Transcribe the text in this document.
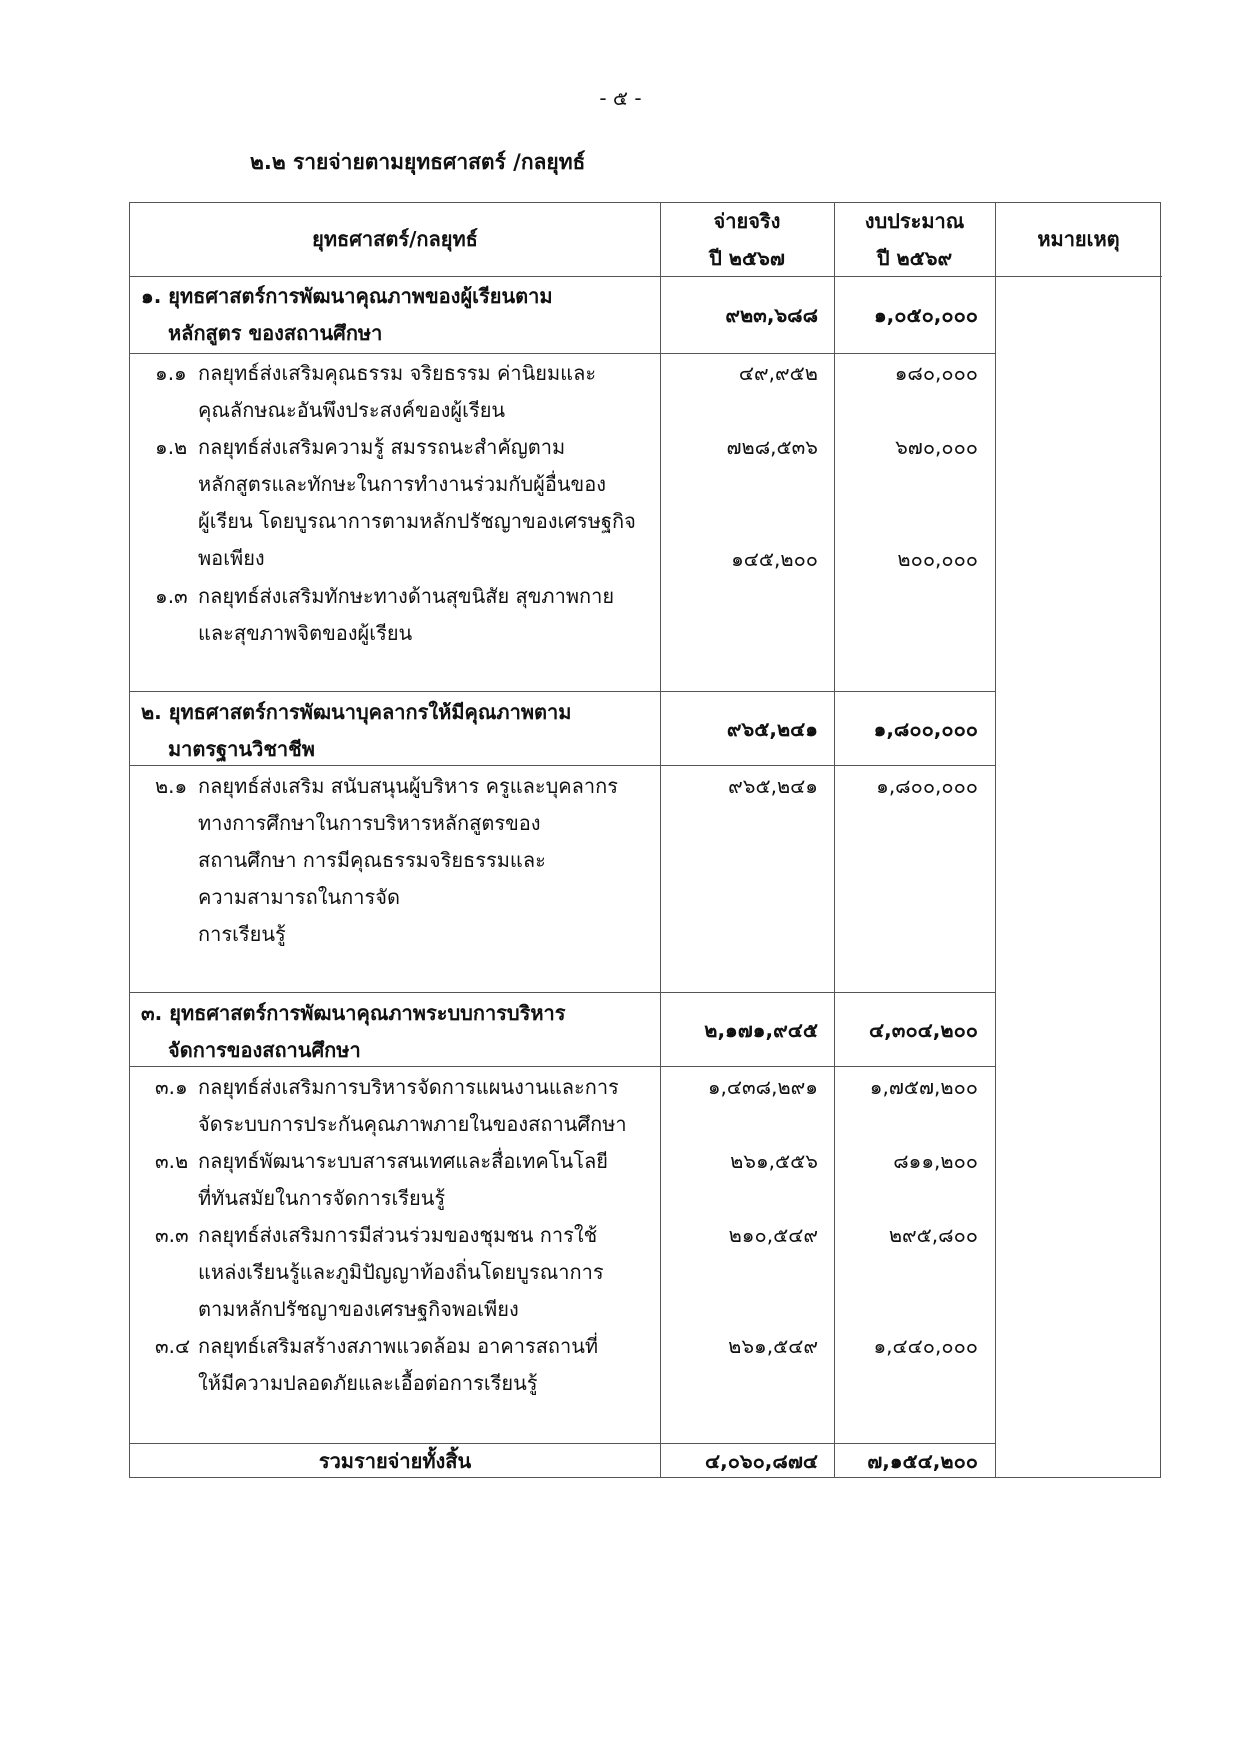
- ๕ -
๒.๒ รายจ่ายตามยุทธศาสตร์ /กลยุทธ์
ยุทธศาสตร์/กลยุทธ์
จ่ายจริง
ปี ๒๕๖๗
งบประมาณ
ปี ๒๕๖๙
หมายเหตุ
๑. ยุทธศาสตร์การพัฒนาคุณภาพของผู้เรียนตาม
หลักสูตร ของสถานศึกษา
๙๒๓,๖๘๘	๑,๐๕๐,๐๐๐
๑.๑ กลยุทธ์ส่งเสริมคุณธรรม จริยธรรม ค่านิยมและ
คุณลักษณะอันพึงประสงค์ของผู้เรียน
๔๙,๙๕๒	๑๘๐,๐๐๐
๑.๒ กลยุทธ์ส่งเสริมความรู้ สมรรถนะสำคัญตาม
หลักสูตรและทักษะในการทำงานร่วมกับผู้อื่นของ
ผู้เรียน โดยบูรณาการตามหลักปรัชญาของเศรษฐกิจ
พอเพียง
๗๒๘,๕๓๖	๖๗๐,๐๐๐
๑.๓ กลยุทธ์ส่งเสริมทักษะทางด้านสุขนิสัย สุขภาพกาย
และสุขภาพจิตของผู้เรียน
๑๔๕,๒๐๐	๒๐๐,๐๐๐
๒. ยุทธศาสตร์การพัฒนาบุคลากรให้มีคุณภาพตาม
มาตรฐานวิชาชีพ
๙๖๕,๒๔๑	๑,๘๐๐,๐๐๐
๒.๑ กลยุทธ์ส่งเสริม สนับสนุนผู้บริหาร ครูและบุคลากร
ทางการศึกษาในการบริหารหลักสูตรของ
สถานศึกษา การมีคุณธรรมจริยธรรมและ
ความสามารถในการจัด
การเรียนรู้
๙๖๕,๒๔๑	๑,๘๐๐,๐๐๐
๓. ยุทธศาสตร์การพัฒนาคุณภาพระบบการบริหาร
จัดการของสถานศึกษา
๒,๑๗๑,๙๔๕	๔,๓๐๔,๒๐๐
๓.๑ กลยุทธ์ส่งเสริมการบริหารจัดการแผนงานและการ
จัดระบบการประกันคุณภาพภายในของสถานศึกษา
๑,๔๓๘,๒๙๑	๑,๗๕๗,๒๐๐
๓.๒ กลยุทธ์พัฒนาระบบสารสนเทศและสื่อเทคโนโลยี
ที่ทันสมัยในการจัดการเรียนรู้
๒๖๑,๕๕๖	๘๑๑,๒๐๐
๓.๓ กลยุทธ์ส่งเสริมการมีส่วนร่วมของชุมชน การใช้
แหล่งเรียนรู้และภูมิปัญญาท้องถิ่นโดยบูรณาการ
ตามหลักปรัชญาของเศรษฐกิจพอเพียง
๒๑๐,๕๔๙	๒๙๕,๘๐๐
๓.๔ กลยุทธ์เสริมสร้างสภาพแวดล้อม อาคารสถานที่
ให้มีความปลอดภัยและเอื้อต่อการเรียนรู้
๒๖๑,๕๔๙	๑,๔๔๐,๐๐๐
รวมรายจ่ายทั้งสิ้น	๔,๐๖๐,๘๗๔	๗,๑๕๔,๒๐๐
